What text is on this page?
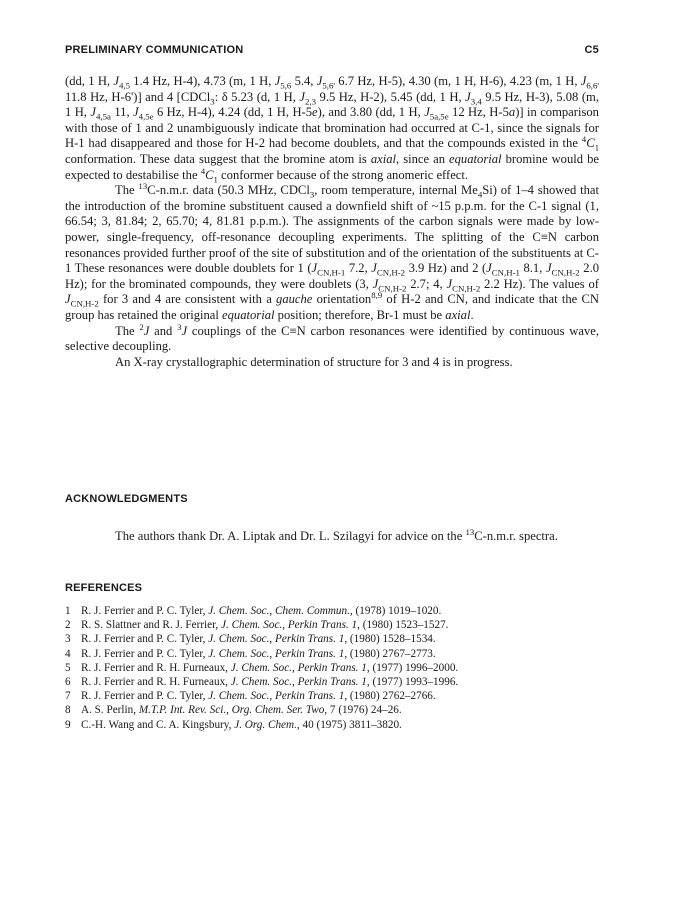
PRELIMINARY COMMUNICATION	C5

(dd, 1 H, $J_{4,5}$ 1.4 Hz, H-4), 4.73 (m, 1 H, $J_{5,6}$ 5.4, $J_{5,6'}$ 6.7 Hz, H-5), 4.30 (m, 1 H, H-6), 4.23 (m, 1 H, $J_{6,6'}$ 11.8 Hz, H-6')] and 4 [CDCl$_3$: δ 5.23 (d, 1 H, $J_{2,3}$ 9.5 Hz, H-2), 5.45 (dd, 1 H, $J_{3,4}$ 9.5 Hz, H-3), 5.08 (m, 1 H, $J_{4,5a}$ 11, $J_{4,5e}$ 6 Hz, H-4), 4.24 (dd, 1 H, H-5e), and 3.80 (dd, 1 H, $J_{5a,5e}$ 12 Hz, H-5a)] in comparison with those of 1 and 2 unambiguously indicate that bromination had occurred at C-1, since the signals for H-1 had disappeared and those for H-2 had become doublets, and that the compounds existed in the $^4C_1$ conformation. These data suggest that the bromine atom is axial, since an equatorial bromine would be expected to destabilise the $^4C_1$ conformer because of the strong anomeric effect.

The $^{13}$C-n.m.r. data (50.3 MHz, CDCl$_3$, room temperature, internal $Me_4Si$) of 1–4 showed that the introduction of the bromine substituent caused a downfield shift of ~15 p.p.m. for the C-1 signal (1, 66.54; 3, 81.84; 2, 65.70; 4, 81.81 p.p.m.). The assignments of the carbon signals were made by low-power, single-frequency, off-resonance decoupling experiments. The splitting of the C≡N carbon resonances provided further proof of the site of substitution and of the orientation of the substituents at C-1 These resonances were double doublets for 1 ($J_{CN,H-1}$ 7.2, $J_{CN,H-2}$ 3.9 Hz) and 2 ($J_{CN,H-1}$ 8.1, $J_{CN,H-2}$ 2.0 Hz); for the brominated compounds, they were doublets (3, $J_{CN,H-2}$ 2.7; 4, $J_{CN,H-2}$ 2.2 Hz). The values of $J_{CN,H-2}$ for 3 and 4 are consistent with a gauche orientation$^{8,9}$ of H-2 and CN, and indicate that the CN group has retained the original equatorial position; therefore, Br-1 must be axial.

The $^2$J and $^3$J couplings of the C≡N carbon resonances were identified by continuous wave, selective decoupling.

An X-ray crystallographic determination of structure for 3 and 4 is in progress.

ACKNOWLEDGMENTS

The authors thank Dr. A. Liptak and Dr. L. Szilagyi for advice on the $^{13}$C-n.m.r. spectra.

REFERENCES
1 R. J. Ferrier and P. C. Tyler, J. Chem. Soc., Chem. Commun., (1978) 1019–1020.
2 R. S. Slattner and R. J. Ferrier, J. Chem. Soc., Perkin Trans. 1, (1980) 1523–1527.
3 R. J. Ferrier and P. C. Tyler, J. Chem. Soc., Perkin Trans. 1, (1980) 1528–1534.
4 R. J. Ferrier and P. C. Tyler, J. Chem. Soc., Perkin Trans. 1, (1980) 2767–2773.
5 R. J. Ferrier and R. H. Furneaux, J. Chem. Soc., Perkin Trans. 1, (1977) 1996–2000.
6 R. J. Ferrier and R. H. Furneaux, J. Chem. Soc., Perkin Trans. 1, (1977) 1993–1996.
7 R. J. Ferrier and P. C. Tyler, J. Chem. Soc., Perkin Trans. 1, (1980) 2762–2766.
8 A. S. Perlin, M.T.P. Int. Rev. Sci., Org. Chem. Ser. Two, 7 (1976) 24–26.
9 C.-H. Wang and C. A. Kingsbury, J. Org. Chem., 40 (1975) 3811–3820.
